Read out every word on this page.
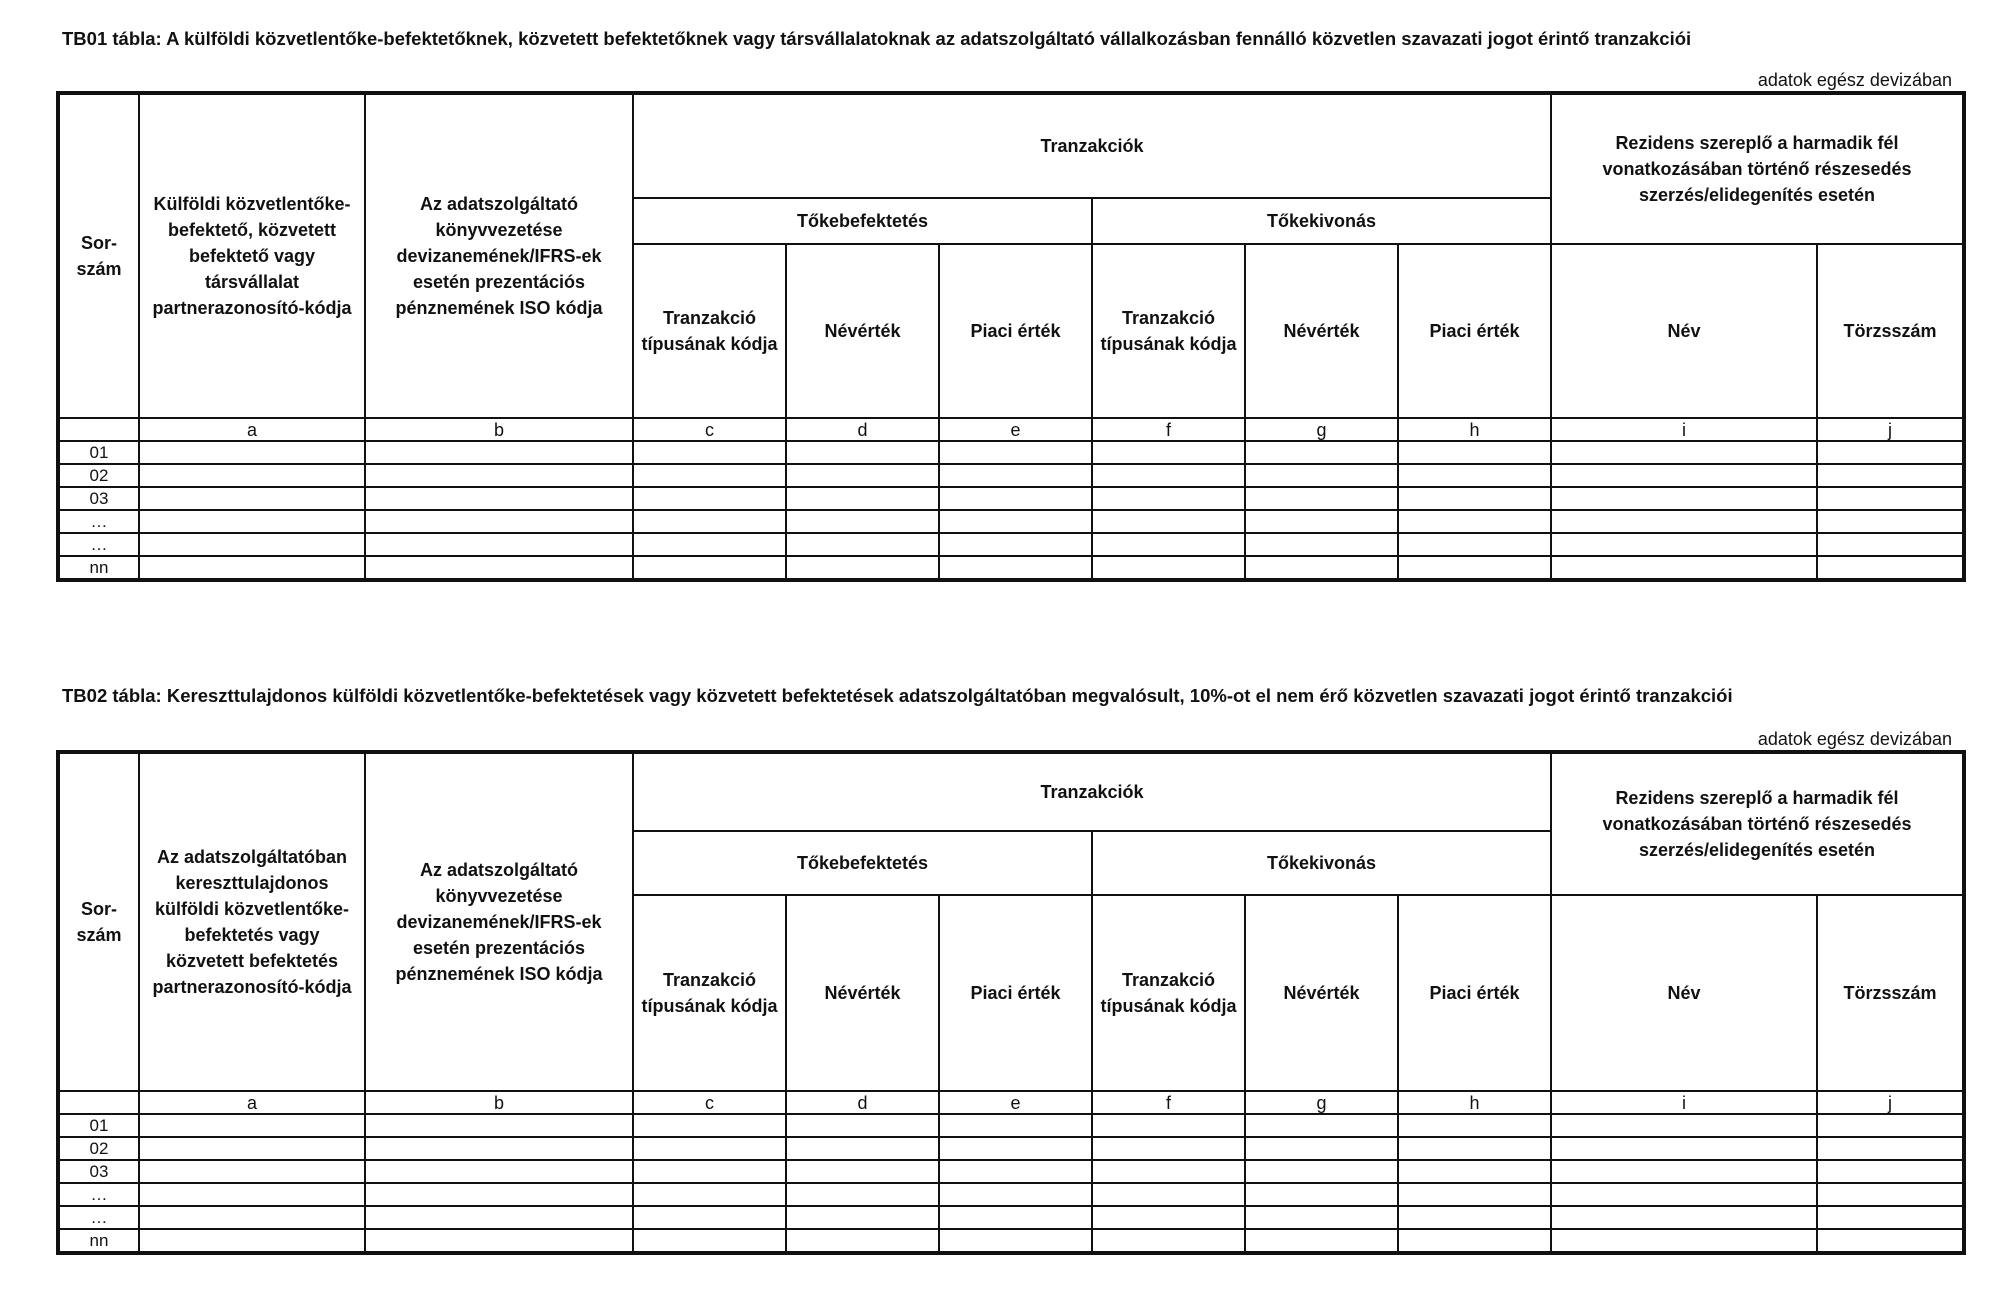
TB01 tábla: A külföldi közvetlentőke-befektetőknek, közvetett befektetőknek vagy társvállalatoknak az adatszolgáltató vállalkozásban fennálló közvetlen szavazati jogot érintő tranzakciói
adatok egész devizában
Sor-szám	Külföldi közvetlentőke-befektető, közvetett befektető vagy társvállalat partnerazonosító-kódja	Az adatszolgáltató könyvvezetése devizanemének/IFRS-ek esetén prezentációs pénznemének ISO kódja	Tranzakciók						Rezidens szereplő a harmadik fél vonatkozásában történő részesedés szerzés/elidegenítés esetén	
			Tőkebefektetés			Tőkekivonás				
			Tranzakció típusának kódja	Névérték	Piaci érték	Tranzakció típusának kódja	Névérték	Piaci érték	Név	Törzsszám
	a	b	c	d	e	f	g	h	i	j
01										
02										
03										
…										
…										
nn										
TB02 tábla: Kereszttulajdonos külföldi közvetlentőke-befektetések vagy közvetett befektetések adatszolgáltatóban megvalósult, 10%-ot el nem érő közvetlen szavazati jogot érintő tranzakciói
adatok egész devizában
Sor-szám	Az adatszolgáltatóban kereszttulajdonos külföldi közvetlentőke-befektetés vagy közvetett befektetés partnerazonosító-kódja	Az adatszolgáltató könyvvezetése devizanemének/IFRS-ek esetén prezentációs pénznemének ISO kódja	Tranzakciók						Rezidens szereplő a harmadik fél vonatkozásában történő részesedés szerzés/elidegenítés esetén	
			Tőkebefektetés			Tőkekivonás				
			Tranzakció típusának kódja	Névérték	Piaci érték	Tranzakció típusának kódja	Névérték	Piaci érték	Név	Törzsszám
	a	b	c	d	e	f	g	h	i	j
01										
02										
03										
…										
…										
nn										
